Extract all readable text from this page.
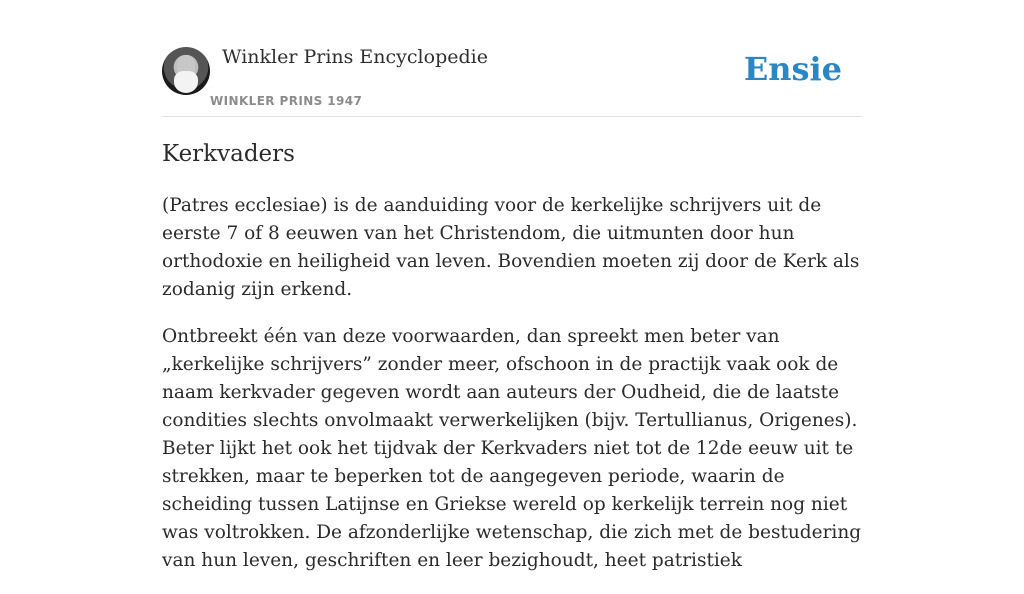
Winkler Prins Encyclopedie
WINKLER PRINS 1947
Ensie
Kerkvaders

(Patres ecclesiae) is de aanduiding voor de kerkelijke schrijvers uit de eerste 7 of 8 eeuwen van het Christendom, die uitmunten door hun orthodoxie en heiligheid van leven. Bovendien moeten zij door de Kerk als zodanig zijn erkend.

Ontbreekt één van deze voorwaarden, dan spreekt men beter van „kerkelijke schrijvers” zonder meer, ofschoon in de practijk vaak ook de naam kerkvader gegeven wordt aan auteurs der Oudheid, die de laatste condities slechts onvolmaakt verwerkelijken (bijv. Tertullianus, Origenes). Beter lijkt het ook het tijdvak der Kerkvaders niet tot de 12de eeuw uit te strekken, maar te beperken tot de aangegeven periode, waarin de scheiding tussen Latijnse en Griekse wereld op kerkelijk terrein nog niet was voltrokken. De afzonderlijke wetenschap, die zich met de bestudering van hun leven, geschriften en leer bezighoudt, heet patristiek
